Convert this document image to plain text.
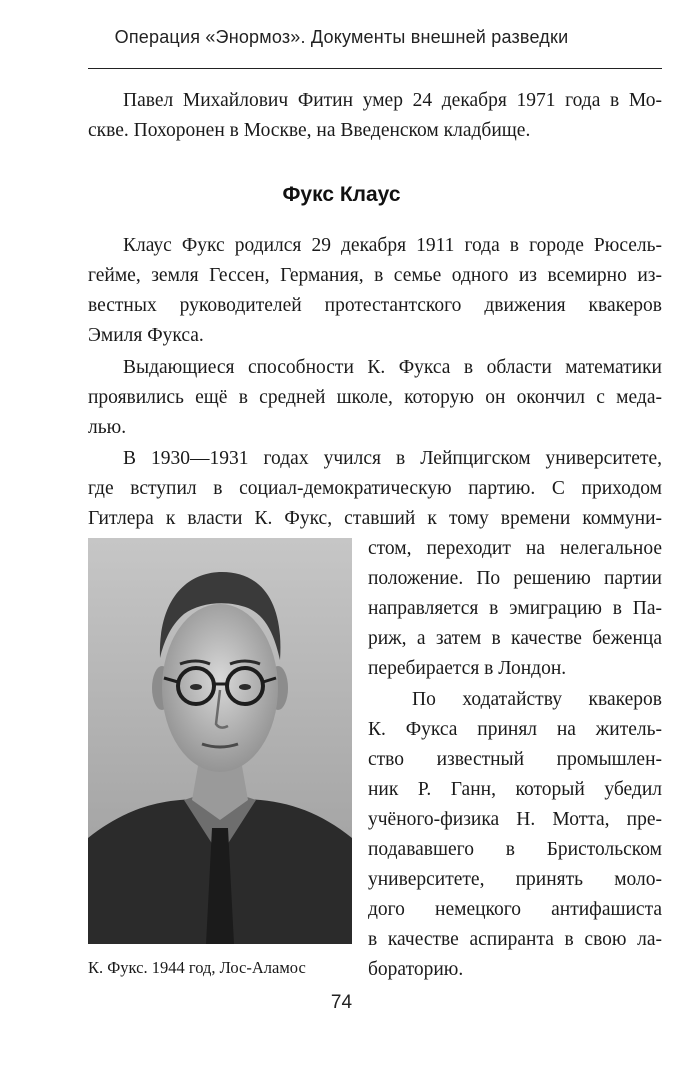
Операция «Энормоз». Документы внешней разведки
Павел Михайлович Фитин умер 24 декабря 1971 года в Мо-
скве. Похоронен в Москве, на Введенском кладбище.
Фукс Клаус
Клаус Фукс родился 29 декабря 1911 года в городе Рюсель-
гейме, земля Гессен, Германия, в семье одного из всемирно из-
вестных руководителей протестантского движения квакеров
Эмиля Фукса.
Выдающиеся способности К. Фукса в области математики
проявились ещё в средней школе, которую он окончил с меда-
лью.
В 1930—1931 годах учился в Лейпцигском университете,
где вступил в социал-демократическую партию. С приходом
Гитлера к власти К. Фукс, ставший к тому времени коммуни-
стом, переходит на нелегальное
положение. По решению партии
направляется в эмиграцию в Па-
риж, а затем в качестве беженца
перебирается в Лондон.
По ходатайству квакеров
К. Фукса принял на житель-
ство известный промышлен-
ник Р. Ганн, который убедил
учёного-физика Н. Мотта, пре-
подававшего в Бристольском
университете, принять моло-
дого немецкого антифашиста
в качестве аспиранта в свою ла-
бораторию.
К. Фукс. 1944 год, Лос-Аламос
74
